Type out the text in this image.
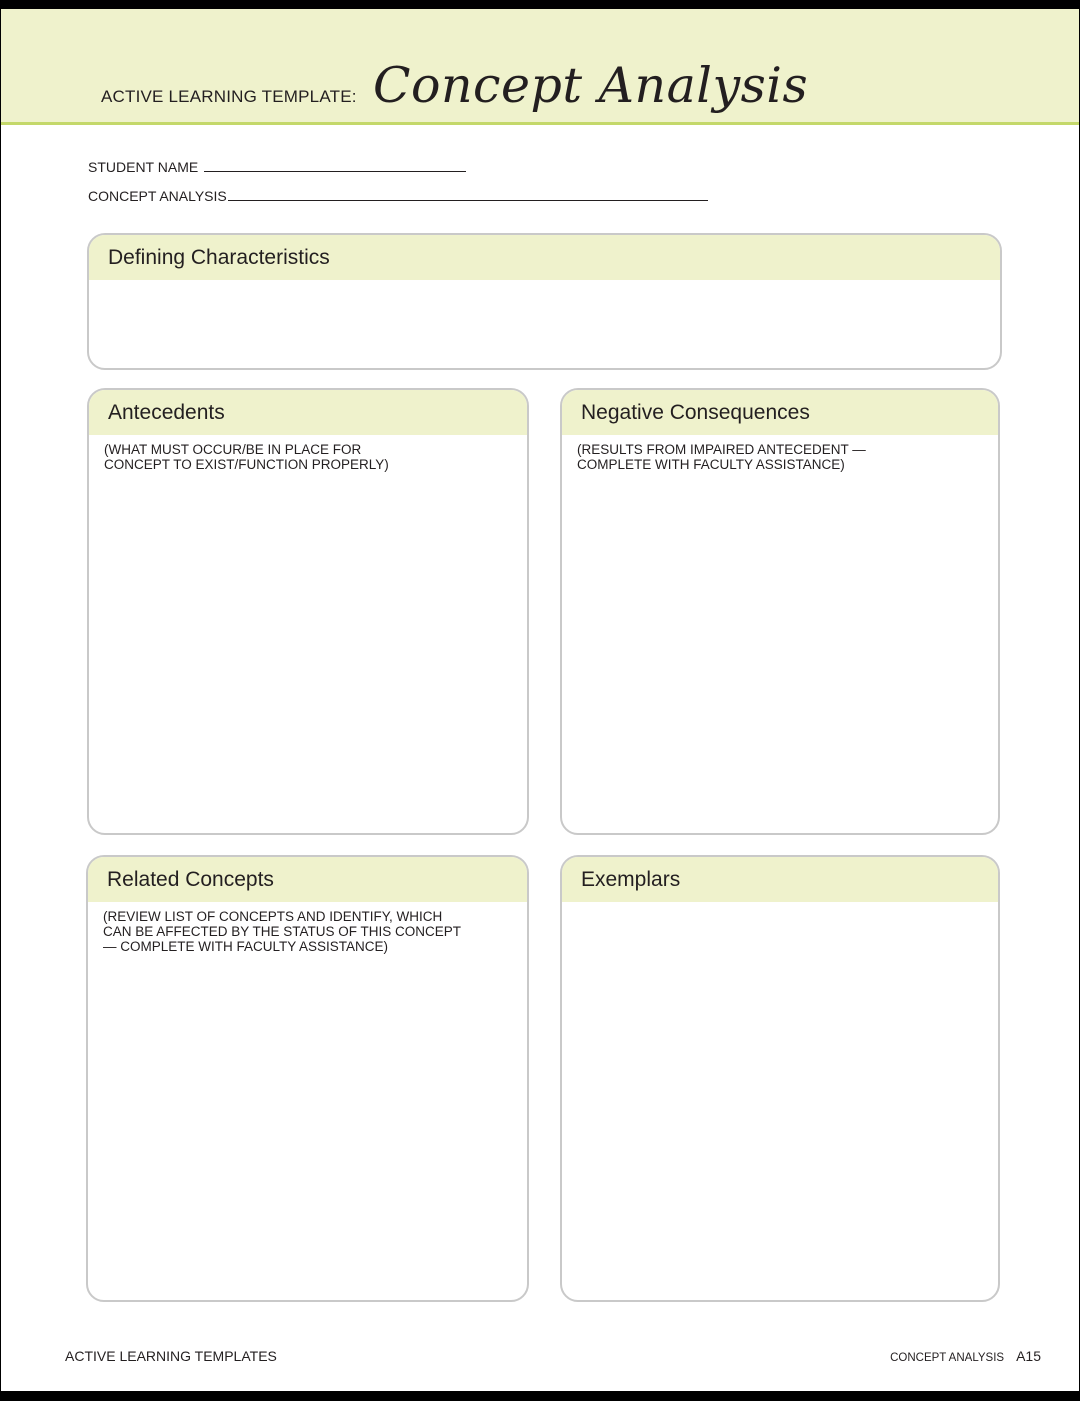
ACTIVE LEARNING TEMPLATE: Concept Analysis
STUDENT NAME
CONCEPT ANALYSIS
Defining Characteristics
Antecedents
(WHAT MUST OCCUR/BE IN PLACE FOR
CONCEPT TO EXIST/FUNCTION PROPERLY)
Negative Consequences
(RESULTS FROM IMPAIRED ANTECEDENT —
COMPLETE WITH FACULTY ASSISTANCE)
Related Concepts
(REVIEW LIST OF CONCEPTS AND IDENTIFY, WHICH
CAN BE AFFECTED BY THE STATUS OF THIS CONCEPT
— COMPLETE WITH FACULTY ASSISTANCE)
Exemplars
ACTIVE LEARNING TEMPLATES	CONCEPT ANALYSIS A15
